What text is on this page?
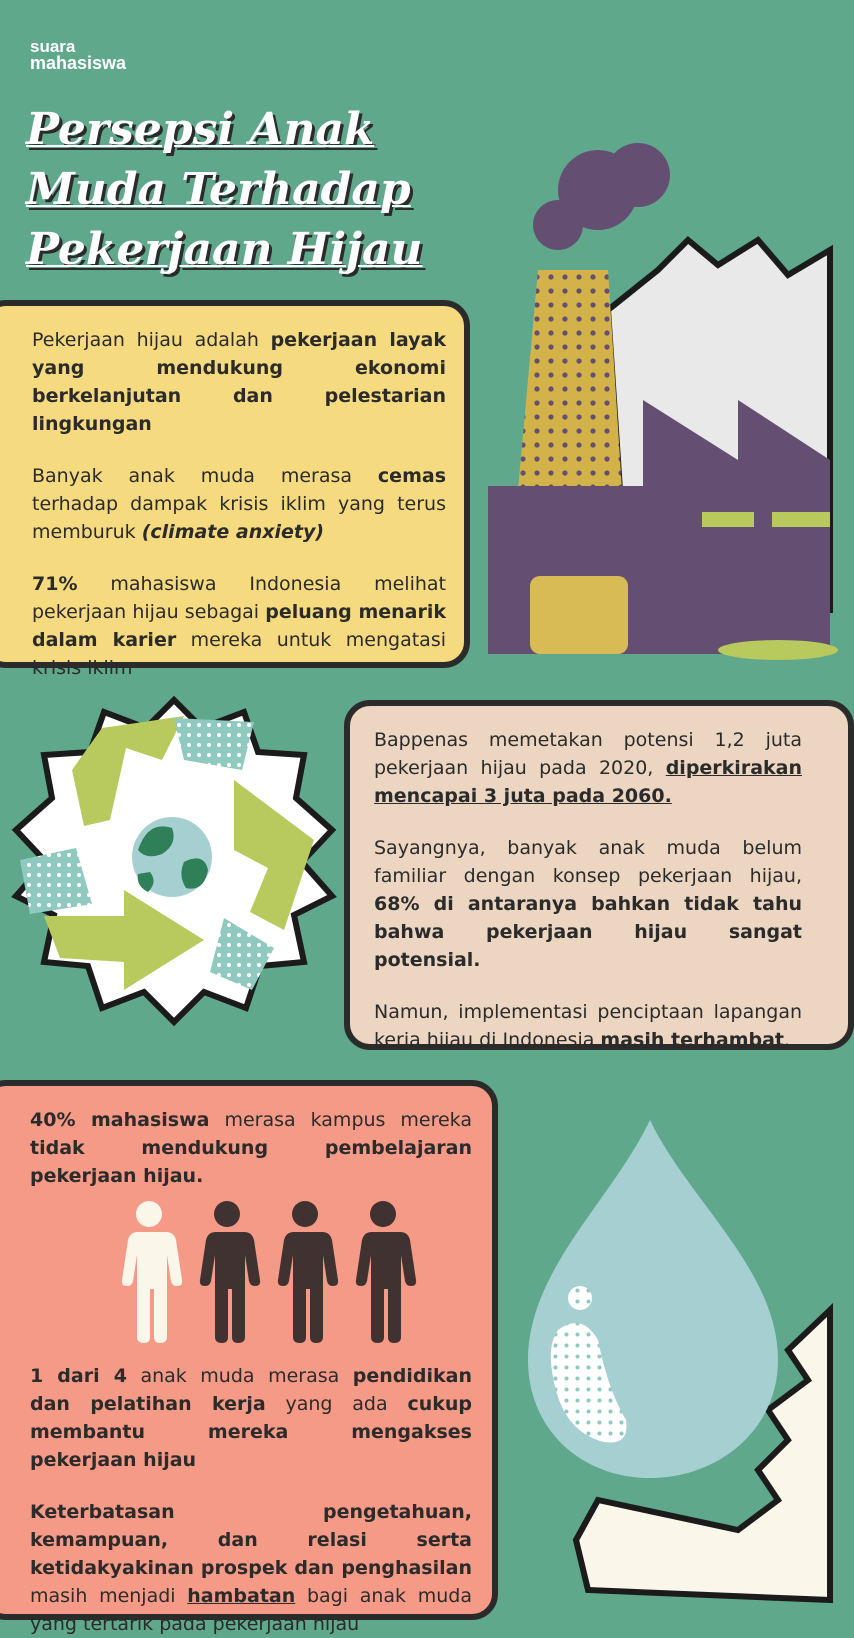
suara
mahasiswa
Persepsi Anak Muda Terhadap Pekerjaan Hijau

Pekerjaan hijau adalah pekerjaan layak yang mendukung ekonomi berkelanjutan dan pelestarian lingkungan

Banyak anak muda merasa cemas terhadap dampak krisis iklim yang terus memburuk (climate anxiety)

71% mahasiswa Indonesia melihat pekerjaan hijau sebagai peluang menarik dalam karier mereka untuk mengatasi krisis iklim

Bappenas memetakan potensi 1,2 juta pekerjaan hijau pada 2020, diperkirakan mencapai 3 juta pada 2060.

Sayangnya, banyak anak muda belum familiar dengan konsep pekerjaan hijau, 68% di antaranya bahkan tidak tahu bahwa pekerjaan hijau sangat potensial.

Namun, implementasi penciptaan lapangan kerja hijau di Indonesia masih terhambat.

40% mahasiswa merasa kampus mereka tidak mendukung pembelajaran pekerjaan hijau.

1 dari 4 anak muda merasa pendidikan dan pelatihan kerja yang ada cukup membantu mereka mengakses pekerjaan hijau

Keterbatasan pengetahuan, kemampuan, dan relasi serta ketidakyakinan prospek dan penghasilan masih menjadi hambatan bagi anak muda yang tertarik pada pekerjaan hijau
